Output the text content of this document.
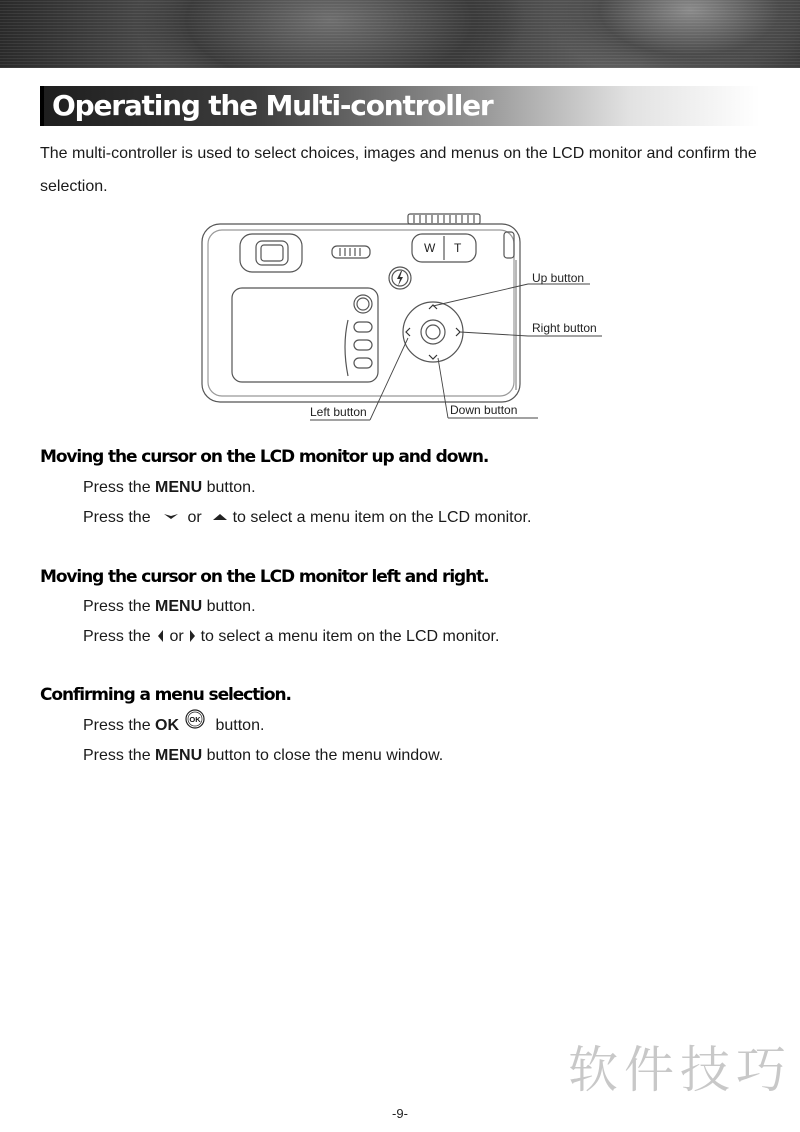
Operating the Multi-controller
The multi-controller is used to select choices, images and menus on the LCD monitor and confirm the selection.
W T
Up button
Right button
Left button	Down button
Moving the cursor on the LCD monitor up and down.
Press the MENU button.
Press the  or  to select a menu item on the LCD monitor.
Moving the cursor on the LCD monitor left and right.
Press the MENU button.
Press the  or  to select a menu item on the LCD monitor.
Confirming a menu selection.
Press the OK OK button.
Press the MENU button to close the menu window.
软件技巧
-9-
